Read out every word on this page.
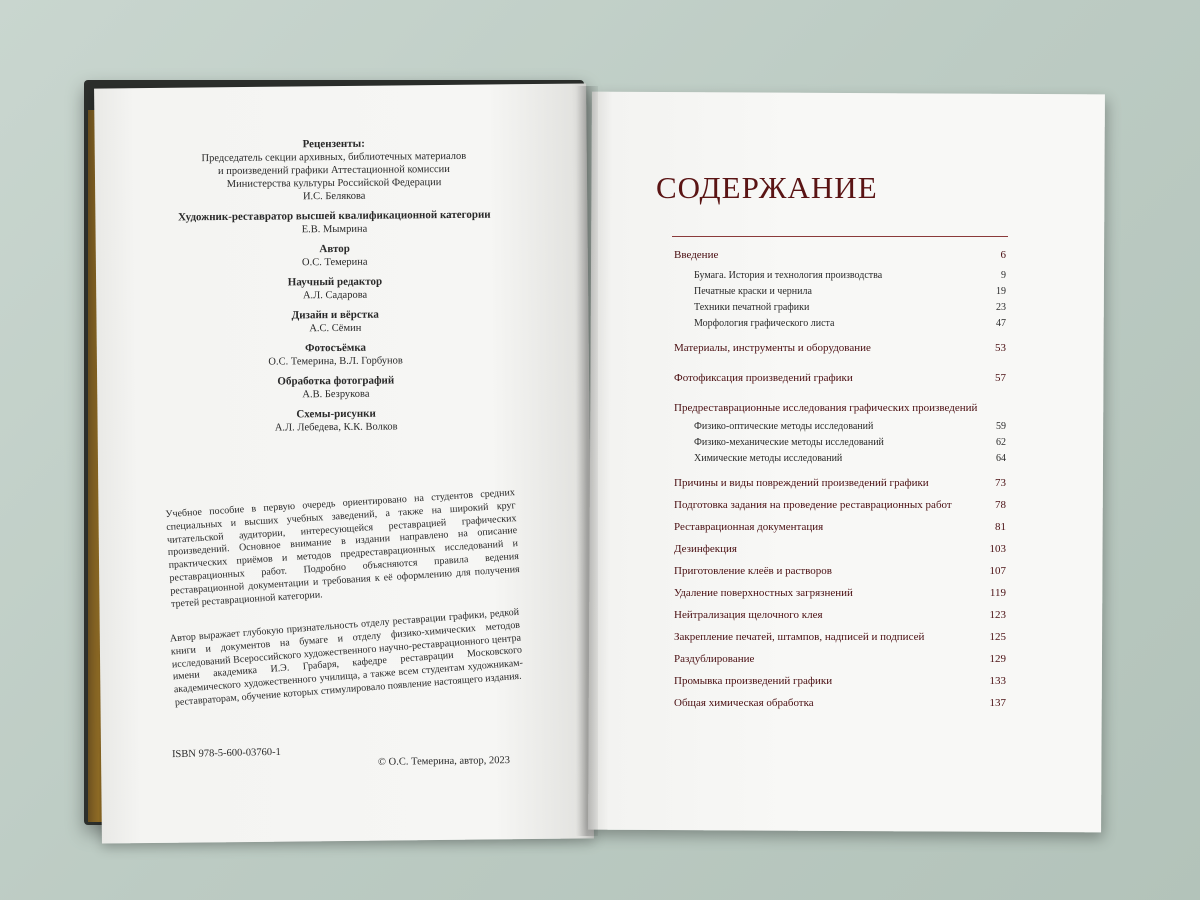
Рецензенты:
Председатель секции архивных, библиотечных материалов
и произведений графики Аттестационной комиссии
Министерства культуры Российской Федерации
И.С. Белякова
Художник-реставратор высшей квалификационной категории
Е.В. Мымрина
Автор
О.С. Темерина
Научный редактор
А.Л. Садарова
Дизайн и вёрстка
А.С. Сёмин
Фотосъёмка
О.С. Темерина, В.Л. Горбунов
Обработка фотографий
А.В. Безрукова
Схемы-рисунки
А.Л. Лебедева, К.К. Волков
Учебное пособие в первую очередь ориентировано на студентов средних специальных и высших учебных заведений, а также на широкий круг читательской аудитории, интересующейся реставрацией графических произведений. Основное внимание в издании направлено на описание практических приёмов и методов предреставрационных исследований и реставрационных работ. Подробно объясняются правила ведения реставрационной документации и требования к её оформлению для получения третей реставрационной категории.
Автор выражает глубокую признательность отделу реставрации графики, редкой книги и документов на бумаге и отделу физико-химических методов исследований Всероссийского художественного научно-реставрационного центра имени академика И.Э. Грабаря, кафедре реставрации Московского академического художественного училища, а также всем студентам художникам-реставраторам, обучение которых стимулировало появление настоящего издания.
ISBN 978-5-600-03760-1
© О.С. Темерина, автор, 2023
СОДЕРЖАНИЕ
Введение	6
Бумага. История и технология производства	9
Печатные краски и чернила	19
Техники печатной графики	23
Морфология графического листа	47
Материалы, инструменты и оборудование	53
Фотофиксация произведений графики	57
Предреставрационные исследования графических произведений
Физико-оптические методы исследований	59
Физико-механические методы исследований	62
Химические методы исследований	64
Причины и виды повреждений произведений графики	73
Подготовка задания на проведение реставрационных работ	78
Реставрационная документация	81
Дезинфекция	103
Приготовление клеёв и растворов	107
Удаление поверхностных загрязнений	119
Нейтрализация щелочного клея	123
Закрепление печатей, штампов, надписей и подписей	125
Раздублирование	129
Промывка произведений графики	133
Общая химическая обработка	137
